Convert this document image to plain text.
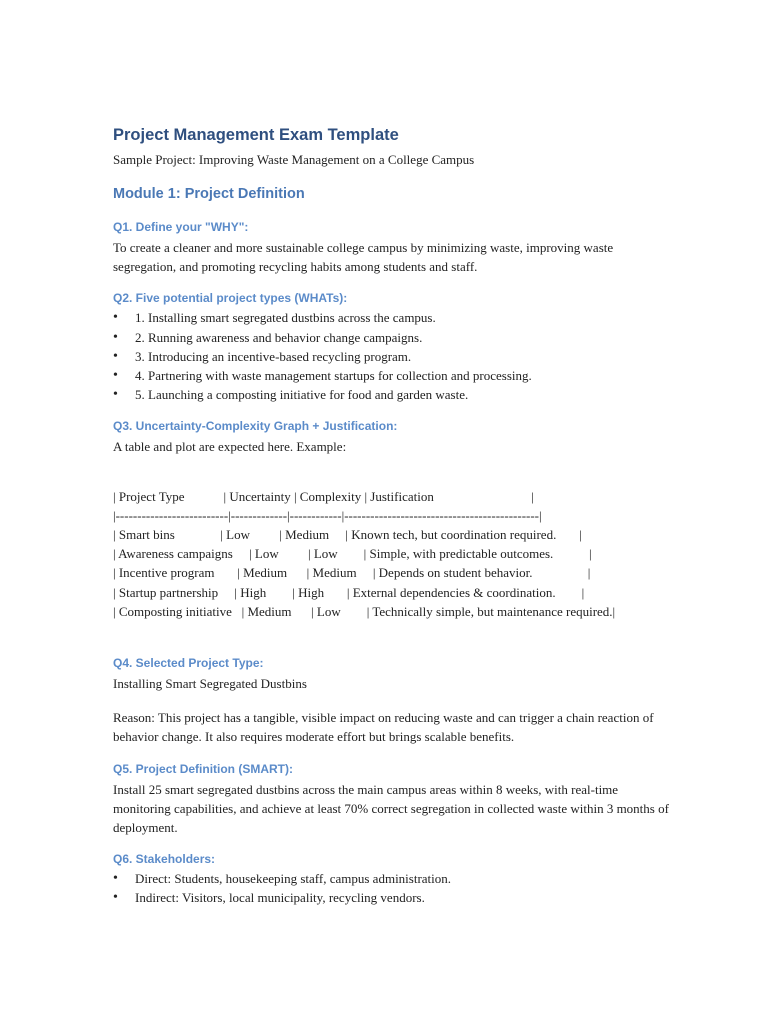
Project Management Exam Template

Sample Project: Improving Waste Management on a College Campus

Module 1: Project Definition
Q1. Define your "WHY":

To create a cleaner and more sustainable college campus by minimizing waste, improving waste segregation, and promoting recycling habits among students and staff.

Q2. Five potential project types (WHATs):
• 1. Installing smart segregated dustbins across the campus.
• 2. Running awareness and behavior change campaigns.
• 3. Introducing an incentive-based recycling program.
• 4. Partnering with waste management startups for collection and processing.
• 5. Launching a composting initiative for food and garden waste.
Q3. Uncertainty-Complexity Graph + Justification:

A table and plot are expected here. Example:

| Project Type            | Uncertainty | Complexity | Justification                              |
|--------------------------|-------------|------------|---------------------------------------------|
| Smart bins              | Low         | Medium     | Known tech, but coordination required.       |
| Awareness campaigns     | Low         | Low        | Simple, with predictable outcomes.           |
| Incentive program       | Medium      | Medium     | Depends on student behavior.                 |
| Startup partnership     | High        | High       | External dependencies & coordination.        |
| Composting initiative   | Medium      | Low        | Technically simple, but maintenance required.|
Q4. Selected Project Type:

Installing Smart Segregated Dustbins

Reason: This project has a tangible, visible impact on reducing waste and can trigger a chain reaction of behavior change. It also requires moderate effort but brings scalable benefits.

Q5. Project Definition (SMART):

Install 25 smart segregated dustbins across the main campus areas within 8 weeks, with real-time monitoring capabilities, and achieve at least 70% correct segregation in collected waste within 3 months of deployment.

Q6. Stakeholders:
• Direct: Students, housekeeping staff, campus administration.
• Indirect: Visitors, local municipality, recycling vendors.
